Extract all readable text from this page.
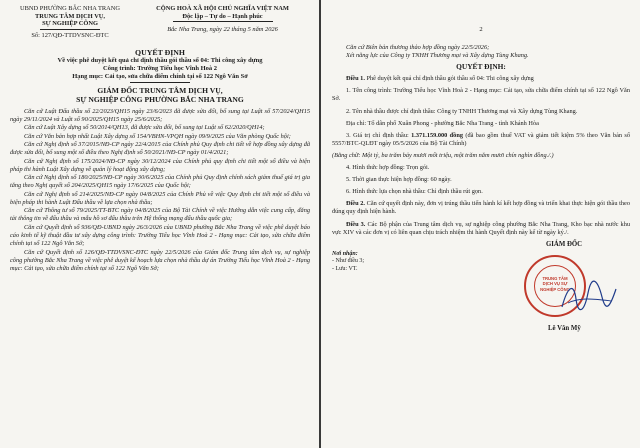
UBND PHƯỜNG BẮC NHA TRANG
TRUNG TÂM DỊCH VỤ,
SỰ NGHIỆP CÔNG
Số: 127/QĐ-TTDVSNC-ĐTC
CỘNG HOÀ XÃ HỘI CHỦ NGHĨA VIỆT NAM
Độc lập – Tự do – Hạnh phúc
Bắc Nha Trang, ngày 22 tháng 5 năm 2026
QUYẾT ĐỊNH
Về việc phê duyệt kết quả chỉ định thầu gói thầu số 04: Thi công xây dựng
Công trình: Trường Tiểu học Vĩnh Hoà 2
Hạng mục: Cải tạo, sửa chữa điểm chính tại số 122 Ngô Văn Sở
GIÁM ĐỐC TRUNG TÂM DỊCH VỤ,
SỰ NGHIỆP CÔNG PHƯỜNG BẮC NHA TRANG
Căn cứ Luật Đấu thầu số 22/2023/QH15 ngày 23/6/2023 đã được sửa đổi, bổ sung tại Luật số 57/2024/QH15 ngày 29/11/2024 và Luật số 90/2025/QH15 ngày 25/6/2025;
Căn cứ Luật Xây dựng số 50/2014/QH13, đã được sửa đổi, bổ sung tại Luật số 62/2020/QH14;
Căn cứ Văn bản hợp nhất Luật Xây dựng số 154/VBHN-VPQH ngày 09/9/2025 của Văn phòng Quốc hội;
Căn cứ Nghị định số 37/2015/NĐ-CP ngày 22/4/2015 của Chính phủ Quy định chi tiết về hợp đồng xây dựng đã được sửa đổi, bổ sung một số điều theo Nghị định số 50/2021/NĐ-CP ngày 01/4/2021;
Căn cứ Nghị định số 175/2024/NĐ-CP ngày 30/12/2024 của Chính phủ quy định chi tiết một số điều và biện pháp thi hành Luật Xây dựng về quản lý hoạt động xây dựng;
Căn cứ Nghị định số 180/2025/NĐ-CP ngày 30/6/2025 của Chính phủ Quy định chính sách giảm thuế giá trị gia tăng theo Nghị quyết số 204/2025/QH15 ngày 17/6/2025 của Quốc hội;
Căn cứ Nghị định số 214/2025/NĐ-CP ngày 04/8/2025 của Chính Phủ về việc Quy định chi tiết một số điều và biện pháp thi hành Luật Đấu thầu về lựa chọn nhà thầu;
Căn cứ Thông tư số 79/2025/TT-BTC ngày 04/8/2025 của Bộ Tài Chính về việc Hướng dẫn việc cung cấp, đăng tải thông tin về đấu thầu và mẫu hồ sơ đấu thầu trên Hệ thống mạng đấu thầu quốc gia;
Căn cứ Quyết định số 936/QĐ-UBND ngày 26/3/2026 của UBND phường Bắc Nha Trang về việc phê duyệt báo cáo kinh tế kỹ thuật đầu tư xây dựng công trình: Trường Tiểu học Vĩnh Hoà 2 - Hạng mục: Cải tạo, sửa chữa điểm chính tại số 122 Ngô Văn Sở;
Căn cứ Quyết định số 126/QĐ-TTDVSNC-ĐTC ngày 22/5/2026 của Giám đốc Trung tâm dịch vụ, sự nghiệp công phường Bắc Nha Trang về việc phê duyệt kế hoạch lựa chọn nhà thầu dự án Trường Tiểu học Vĩnh Hoà 2 - Hạng mục: Cải tạo, sửa chữa điểm chính tại số 122 Ngô Văn Sở;
2
Căn cứ Biên bản thương thảo hợp đồng ngày 22/5/2026;
Xét năng lực của Công ty TNHH Thương mại và Xây dựng Tùng Khang.
QUYẾT ĐỊNH:
Điều 1. Phê duyệt kết quả chỉ định thầu gói thầu số 04: Thi công xây dựng
1. Tên công trình: Trường Tiểu học Vĩnh Hoà 2 - Hạng mục: Cải tạo, sửa chữa điểm chính tại số 122 Ngô Văn Sở.
2. Tên nhà thầu được chỉ định thầu: Công ty TNHH Thương mại và Xây dựng Tùng Khang.
Địa chỉ: Tổ dân phố Xuân Phong - phường Bắc Nha Trang - tỉnh Khánh Hòa
3. Giá trị chỉ định thầu: 1.371.159.000 đồng (đã bao gồm thuế VAT và giảm tiết kiệm 5% theo Văn bản số 5557/BTC-QLĐT ngày 05/5/2026 của Bộ Tài Chính)
(Bằng chữ: Một tỷ, ba trăm bảy mươi mốt triệu, một trăm năm mươi chín nghìn đồng./.)
4. Hình thức hợp đồng: Trọn gói.
5. Thời gian thực hiện hợp đồng: 60 ngày.
6. Hình thức lựa chọn nhà thầu: Chỉ định thầu rút gọn.
Điều 2. Căn cứ quyết định này, đơn vị trúng thầu tiến hành kí kết hợp đồng và triển khai thực hiện gói thầu theo đúng quy định hiện hành.
Điều 3. Các Bộ phận của Trung tâm dịch vụ, sự nghiệp công phường Bắc Nha Trang, Kho bạc nhà nước khu vực XIV và các đơn vị có liên quan chịu trách nhiệm thi hành Quyết định này kể từ ngày ký./.
Nơi nhận:
- Như điều 3;
- Lưu: VT.
GIÁM ĐỐC
TRUNG TÂM DỊCH VỤ SỰ NGHIỆP CÔNG
Lê Văn Mỹ
